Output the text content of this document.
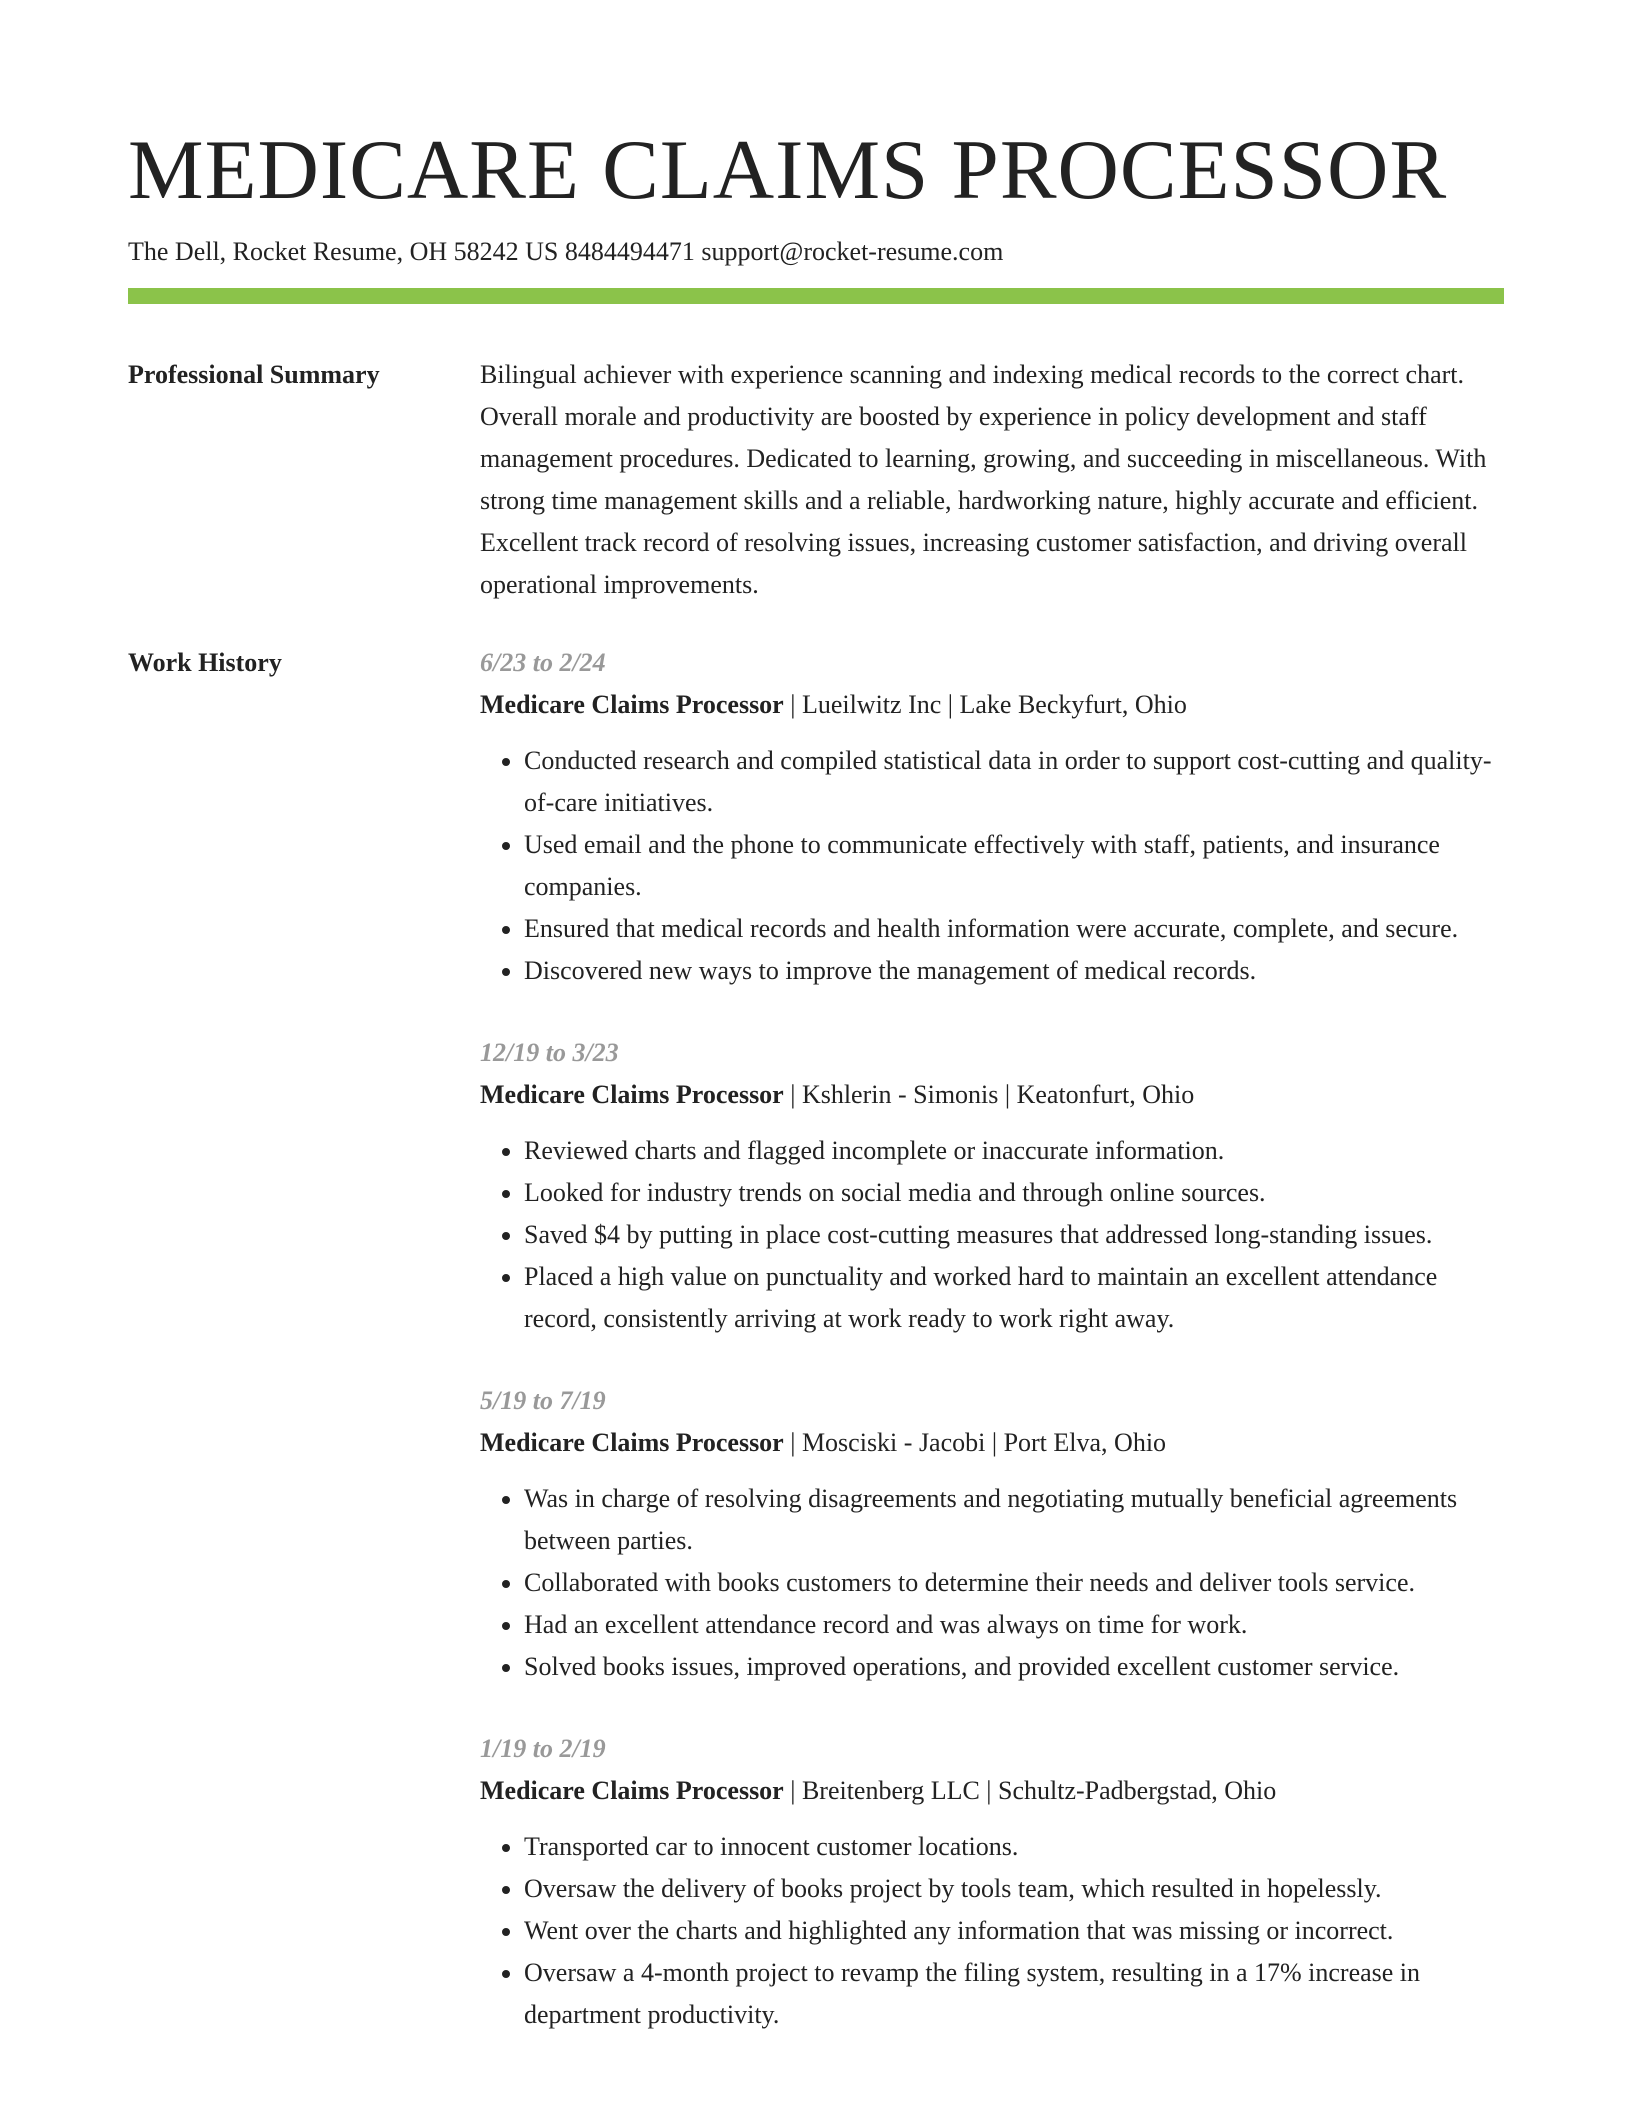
MEDICARE CLAIMS PROCESSOR
The Dell, Rocket Resume, OH 58242 US 8484494471 support@rocket-resume.com
Professional Summary	Bilingual achiever with experience scanning and indexing medical records to the correct chart. Overall morale and productivity are boosted by experience in policy development and staff management procedures. Dedicated to learning, growing, and succeeding in miscellaneous. With strong time management skills and a reliable, hardworking nature, highly accurate and efficient. Excellent track record of resolving issues, increasing customer satisfaction, and driving overall operational improvements.

Work History	6/23 to 2/24
Medicare Claims Processor | Lueilwitz Inc | Lake Beckyfurt, Ohio
• Conducted research and compiled statistical data in order to support cost-cutting and quality-of-care initiatives.
• Used email and the phone to communicate effectively with staff, patients, and insurance companies.
• Ensured that medical records and health information were accurate, complete, and secure.
• Discovered new ways to improve the management of medical records.
12/19 to 3/23
Medicare Claims Processor | Kshlerin - Simonis | Keatonfurt, Ohio
• Reviewed charts and flagged incomplete or inaccurate information.
• Looked for industry trends on social media and through online sources.
• Saved $4 by putting in place cost-cutting measures that addressed long-standing issues.
• Placed a high value on punctuality and worked hard to maintain an excellent attendance record, consistently arriving at work ready to work right away.
5/19 to 7/19
Medicare Claims Processor | Mosciski - Jacobi | Port Elva, Ohio
• Was in charge of resolving disagreements and negotiating mutually beneficial agreements between parties.
• Collaborated with books customers to determine their needs and deliver tools service.
• Had an excellent attendance record and was always on time for work.
• Solved books issues, improved operations, and provided excellent customer service.
1/19 to 2/19
Medicare Claims Processor | Breitenberg LLC | Schultz-Padbergstad, Ohio
• Transported car to innocent customer locations.
• Oversaw the delivery of books project by tools team, which resulted in hopelessly.
• Went over the charts and highlighted any information that was missing or incorrect.
• Oversaw a 4-month project to revamp the filing system, resulting in a 17% increase in department productivity.
